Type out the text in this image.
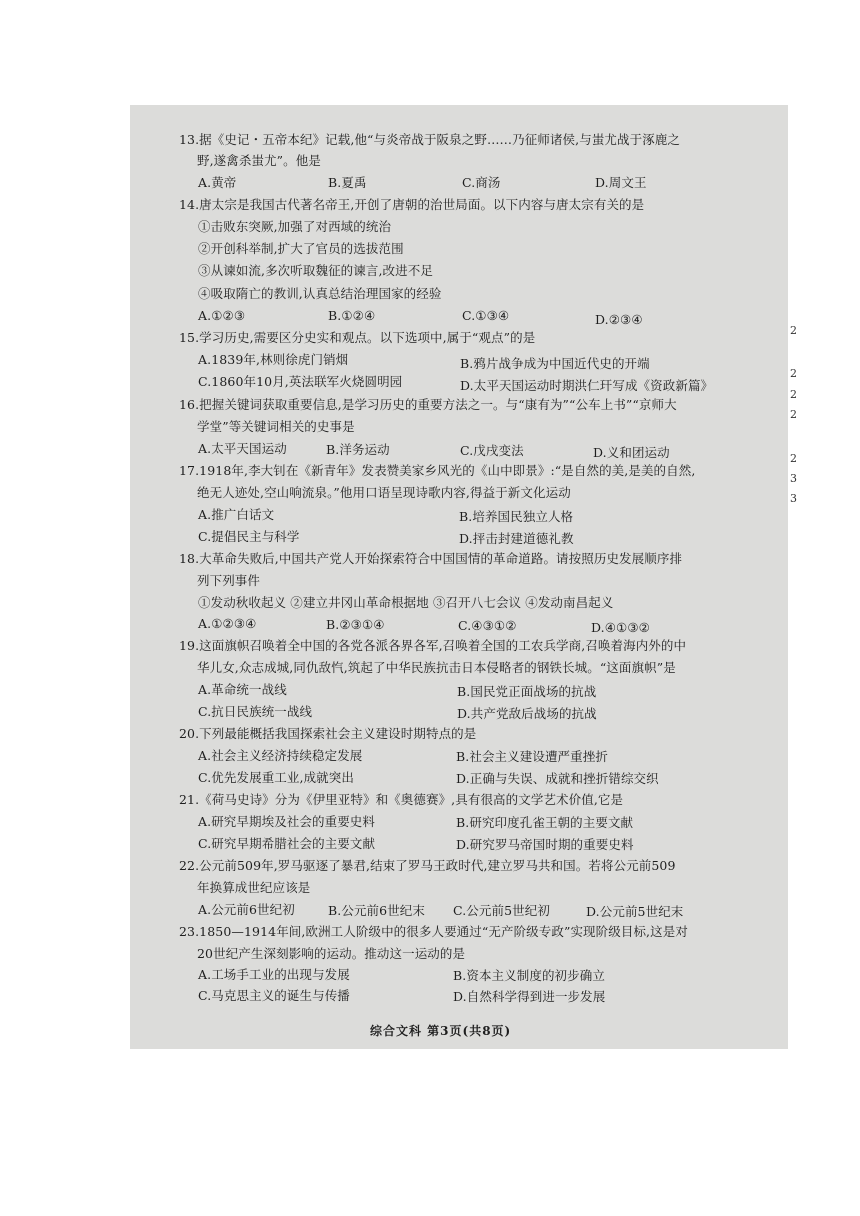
13.据《史记・五帝本纪》记载,他“与炎帝战于阪泉之野……乃征师诸侯,与蚩尤战于涿鹿之
野,遂禽杀蚩尤”。他是
A.黄帝	B.夏禹	C.商汤	D.周文王
14.唐太宗是我国古代著名帝王,开创了唐朝的治世局面。以下内容与唐太宗有关的是
①击败东突厥,加强了对西域的统治
②开创科举制,扩大了官员的选拔范围
③从谏如流,多次听取魏征的谏言,改进不足
④吸取隋亡的教训,认真总结治理国家的经验
A.①②③	B.①②④	C.①③④	D.②③④
15.学习历史,需要区分史实和观点。以下选项中,属于“观点”的是
A.1839年,林则徐虎门销烟	B.鸦片战争成为中国近代史的开端
C.1860年10月,英法联军火烧圆明园	D.太平天国运动时期洪仁玕写成《资政新篇》
16.把握关键词获取重要信息,是学习历史的重要方法之一。与“康有为”“公车上书”“京师大
学堂”等关键词相关的史事是
A.太平天国运动	B.洋务运动	C.戊戌变法	D.义和团运动
17.1918年,李大钊在《新青年》发表赞美家乡风光的《山中即景》:“是自然的美,是美的自然,
绝无人迹处,空山响流泉。”他用口语呈现诗歌内容,得益于新文化运动
A.推广白话文	B.培养国民独立人格
C.提倡民主与科学	D.抨击封建道德礼教
18.大革命失败后,中国共产党人开始探索符合中国国情的革命道路。请按照历史发展顺序排
列下列事件
①发动秋收起义 ②建立井冈山革命根据地 ③召开八七会议 ④发动南昌起义
A.①②③④	B.②③①④	C.④③①②	D.④①③②
19.这面旗帜召唤着全中国的各党各派各界各军,召唤着全国的工农兵学商,召唤着海内外的中
华儿女,众志成城,同仇敌忾,筑起了中华民族抗击日本侵略者的钢铁长城。“这面旗帜”是
A.革命统一战线	B.国民党正面战场的抗战
C.抗日民族统一战线	D.共产党敌后战场的抗战
20.下列最能概括我国探索社会主义建设时期特点的是
A.社会主义经济持续稳定发展	B.社会主义建设遭严重挫折
C.优先发展重工业,成就突出	D.正确与失误、成就和挫折错综交织
21.《荷马史诗》分为《伊里亚特》和《奥德赛》,具有很高的文学艺术价值,它是
A.研究早期埃及社会的重要史料	B.研究印度孔雀王朝的主要文献
C.研究早期希腊社会的主要文献	D.研究罗马帝国时期的重要史料
22.公元前509年,罗马驱逐了暴君,结束了罗马王政时代,建立罗马共和国。若将公元前509
年换算成世纪应该是
A.公元前6世纪初	B.公元前6世纪末 C.公元前5世纪初	D.公元前5世纪末
23.1850—1914年间,欧洲工人阶级中的很多人要通过“无产阶级专政”实现阶级目标,这是对
20世纪产生深刻影响的运动。推动这一运动的是
A.工场手工业的出现与发展	B.资本主义制度的初步确立
C.马克思主义的诞生与传播	D.自然科学得到进一步发展
综合文科 第3页(共8页)
2
2
2
2
2
3
3
